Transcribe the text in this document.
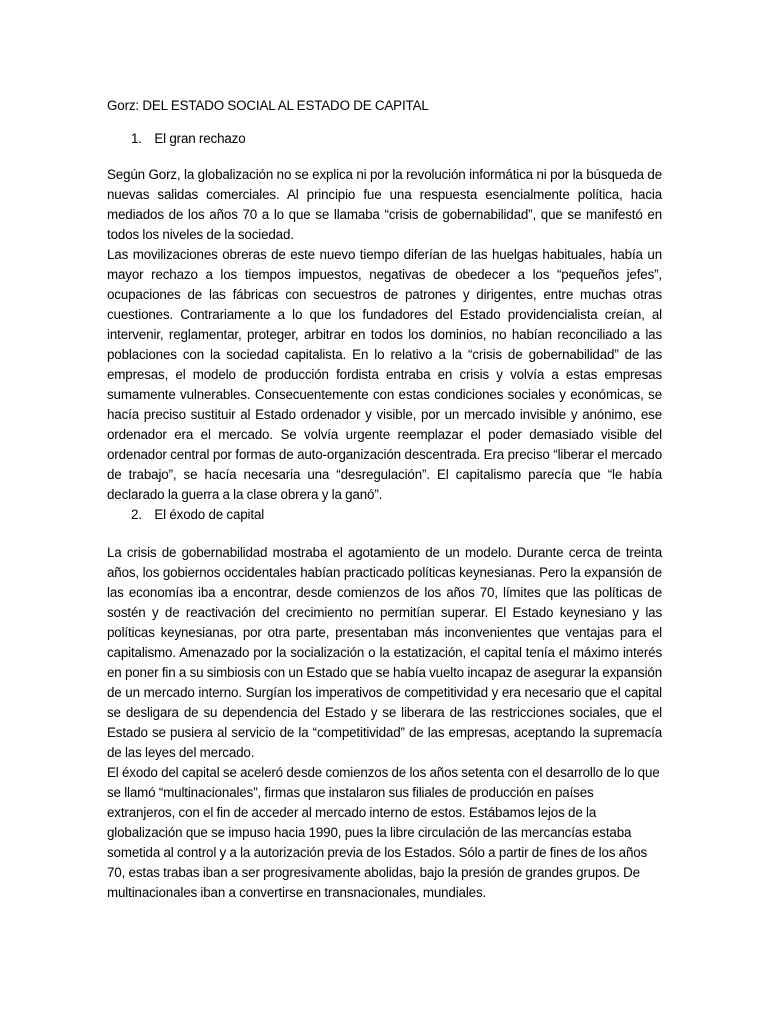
Gorz: DEL ESTADO SOCIAL AL ESTADO DE CAPITAL

1. El gran rechazo

Según Gorz, la globalización no se explica ni por la revolución informática ni por la búsqueda de nuevas salidas comerciales. Al principio fue una respuesta esencialmente política, hacia mediados de los años 70 a lo que se llamaba “crisis de gobernabilidad”, que se manifestó en todos los niveles de la sociedad.

Las movilizaciones obreras de este nuevo tiempo diferían de las huelgas habituales, había un mayor rechazo a los tiempos impuestos, negativas de obedecer a los “pequeños jefes”, ocupaciones de las fábricas con secuestros de patrones y dirigentes, entre muchas otras cuestiones. Contrariamente a lo que los fundadores del Estado providencialista creían, al intervenir, reglamentar, proteger, arbitrar en todos los dominios, no habían reconciliado a las poblaciones con la sociedad capitalista. En lo relativo a la “crisis de gobernabilidad” de las empresas, el modelo de producción fordista entraba en crisis y volvía a estas empresas sumamente vulnerables. Consecuentemente con estas condiciones sociales y económicas, se hacía preciso sustituir al Estado ordenador y visible, por un mercado invisible y anónimo, ese ordenador era el mercado. Se volvía urgente reemplazar el poder demasiado visible del ordenador central por formas de auto-organización descentrada. Era preciso “liberar el mercado de trabajo”, se hacía necesaria una “desregulación”. El capitalismo parecía que “le había declarado la guerra a la clase obrera y la ganó”.

2. El éxodo de capital

La crisis de gobernabilidad mostraba el agotamiento de un modelo. Durante cerca de treinta años, los gobiernos occidentales habían practicado políticas keynesianas. Pero la expansión de las economías iba a encontrar, desde comienzos de los años 70, límites que las políticas de sostén y de reactivación del crecimiento no permitían superar. El Estado keynesiano y las políticas keynesianas, por otra parte, presentaban más inconvenientes que ventajas para el capitalismo. Amenazado por la socialización o la estatización, el capital tenía el máximo interés en poner fin a su simbiosis con un Estado que se había vuelto incapaz de asegurar la expansión de un mercado interno. Surgían los imperativos de competitividad y era necesario que el capital se desligara de su dependencia del Estado y se liberara de las restricciones sociales, que el Estado se pusiera al servicio de la “competitividad” de las empresas, aceptando la supremacía de las leyes del mercado.

El éxodo del capital se aceleró desde comienzos de los años setenta con el desarrollo de lo que se llamó “multinacionales”, firmas que instalaron sus filiales de producción en países extranjeros, con el fin de acceder al mercado interno de estos. Estábamos lejos de la globalización que se impuso hacia 1990, pues la libre circulación de las mercancías estaba sometida al control y a la autorización previa de los Estados. Sólo a partir de fines de los años 70, estas trabas iban a ser progresivamente abolidas, bajo la presión de grandes grupos. De multinacionales iban a convertirse en transnacionales, mundiales.
